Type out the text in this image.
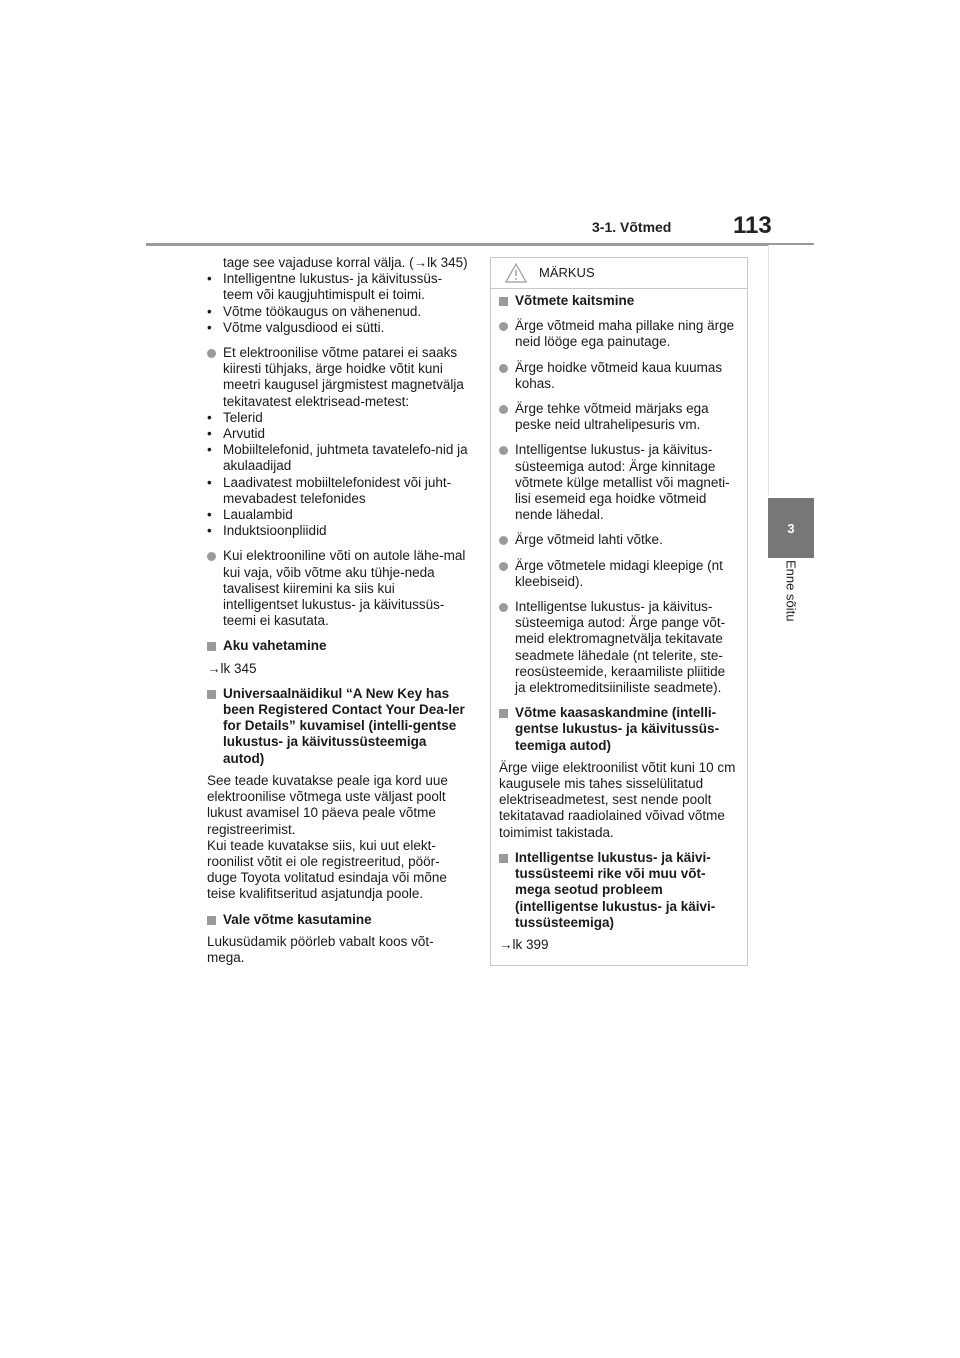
3-1. Võtmed	113
3
Enne sõitu

tage see vajaduse korral välja. (→lk 345)

• Intelligentne lukustus- ja käivitussüs-teem või kaugjuhtimispult ei toimi.
• Võtme töökaugus on vähenenud.
• Võtme valgusdiood ei sütti.
Et elektroonilise võtme patarei ei saaks kiiresti tühjaks, ärge hoidke võtit kuni meetri kaugusel järgmistest magnetvälja tekitavatest elektrisead-metest:
• Telerid
• Arvutid
• Mobiiltelefonid, juhtmeta tavatelefo-nid ja akulaadijad
• Laadivatest mobiiltelefonidest või juht-mevabadest telefonides
• Laualambid
• Induktsioonpliidid
Kui elektrooniline võti on autole lähe-mal kui vaja, võib võtme aku tühje-neda tavalisest kiiremini ka siis kui intelligentset lukustus- ja käivitussüs-teemi ei kasutata.
Aku vahetamine

→lk 345

Universaalnäidikul “A New Key has been Registered Contact Your Dea-ler for Details” kuvamisel (intelli-gentse lukustus- ja käivitussüsteemiga autod)

See teade kuvatakse peale iga kord uue elektroonilise võtmega uste väljast poolt lukust avamisel 10 päeva peale võtme registreerimist.

Kui teade kuvatakse siis, kui uut elekt-roonilist võtit ei ole registreeritud, pöör-duge Toyota volitatud esindaja või mõne teise kvalifitseritud asjatundja poole.

Vale võtme kasutamine

Lukusüdamik pöörleb vabalt koos võt-mega.

MÄRKUS
Võtmete kaitsmine
Ärge võtmeid maha pillake ning ärge neid lööge ega painutage.
Ärge hoidke võtmeid kaua kuumas kohas.
Ärge tehke võtmeid märjaks ega peske neid ultrahelipesuris vm.
Intelligentse lukustus- ja käivitus-süsteemiga autod: Ärge kinnitage võtmete külge metallist või magneti-lisi esemeid ega hoidke võtmeid nende lähedal.
Ärge võtmeid lahti võtke.
Ärge võtmetele midagi kleepige (nt kleebiseid).
Intelligentse lukustus- ja käivitus-süsteemiga autod: Ärge pange võt-meid elektromagnetvälja tekitavate seadmete lähedale (nt telerite, ste-reosüsteemide, keraamiliste pliitide ja elektromeditsiiniliste seadmete).
Võtme kaasaskandmine (intelli-gentse lukustus- ja käivitussüs-teemiga autod)

Ärge viige elektroonilist võtit kuni 10 cm kaugusele mis tahes sisselülitatud elektriseadmetest, sest nende poolt tekitatavad raadiolained võivad võtme toimimist takistada.

Intelligentse lukustus- ja käivi-tussüsteemi rike või muu võt-mega seotud probleem (intelligentse lukustus- ja käivi-tussüsteemiga)

→lk 399
